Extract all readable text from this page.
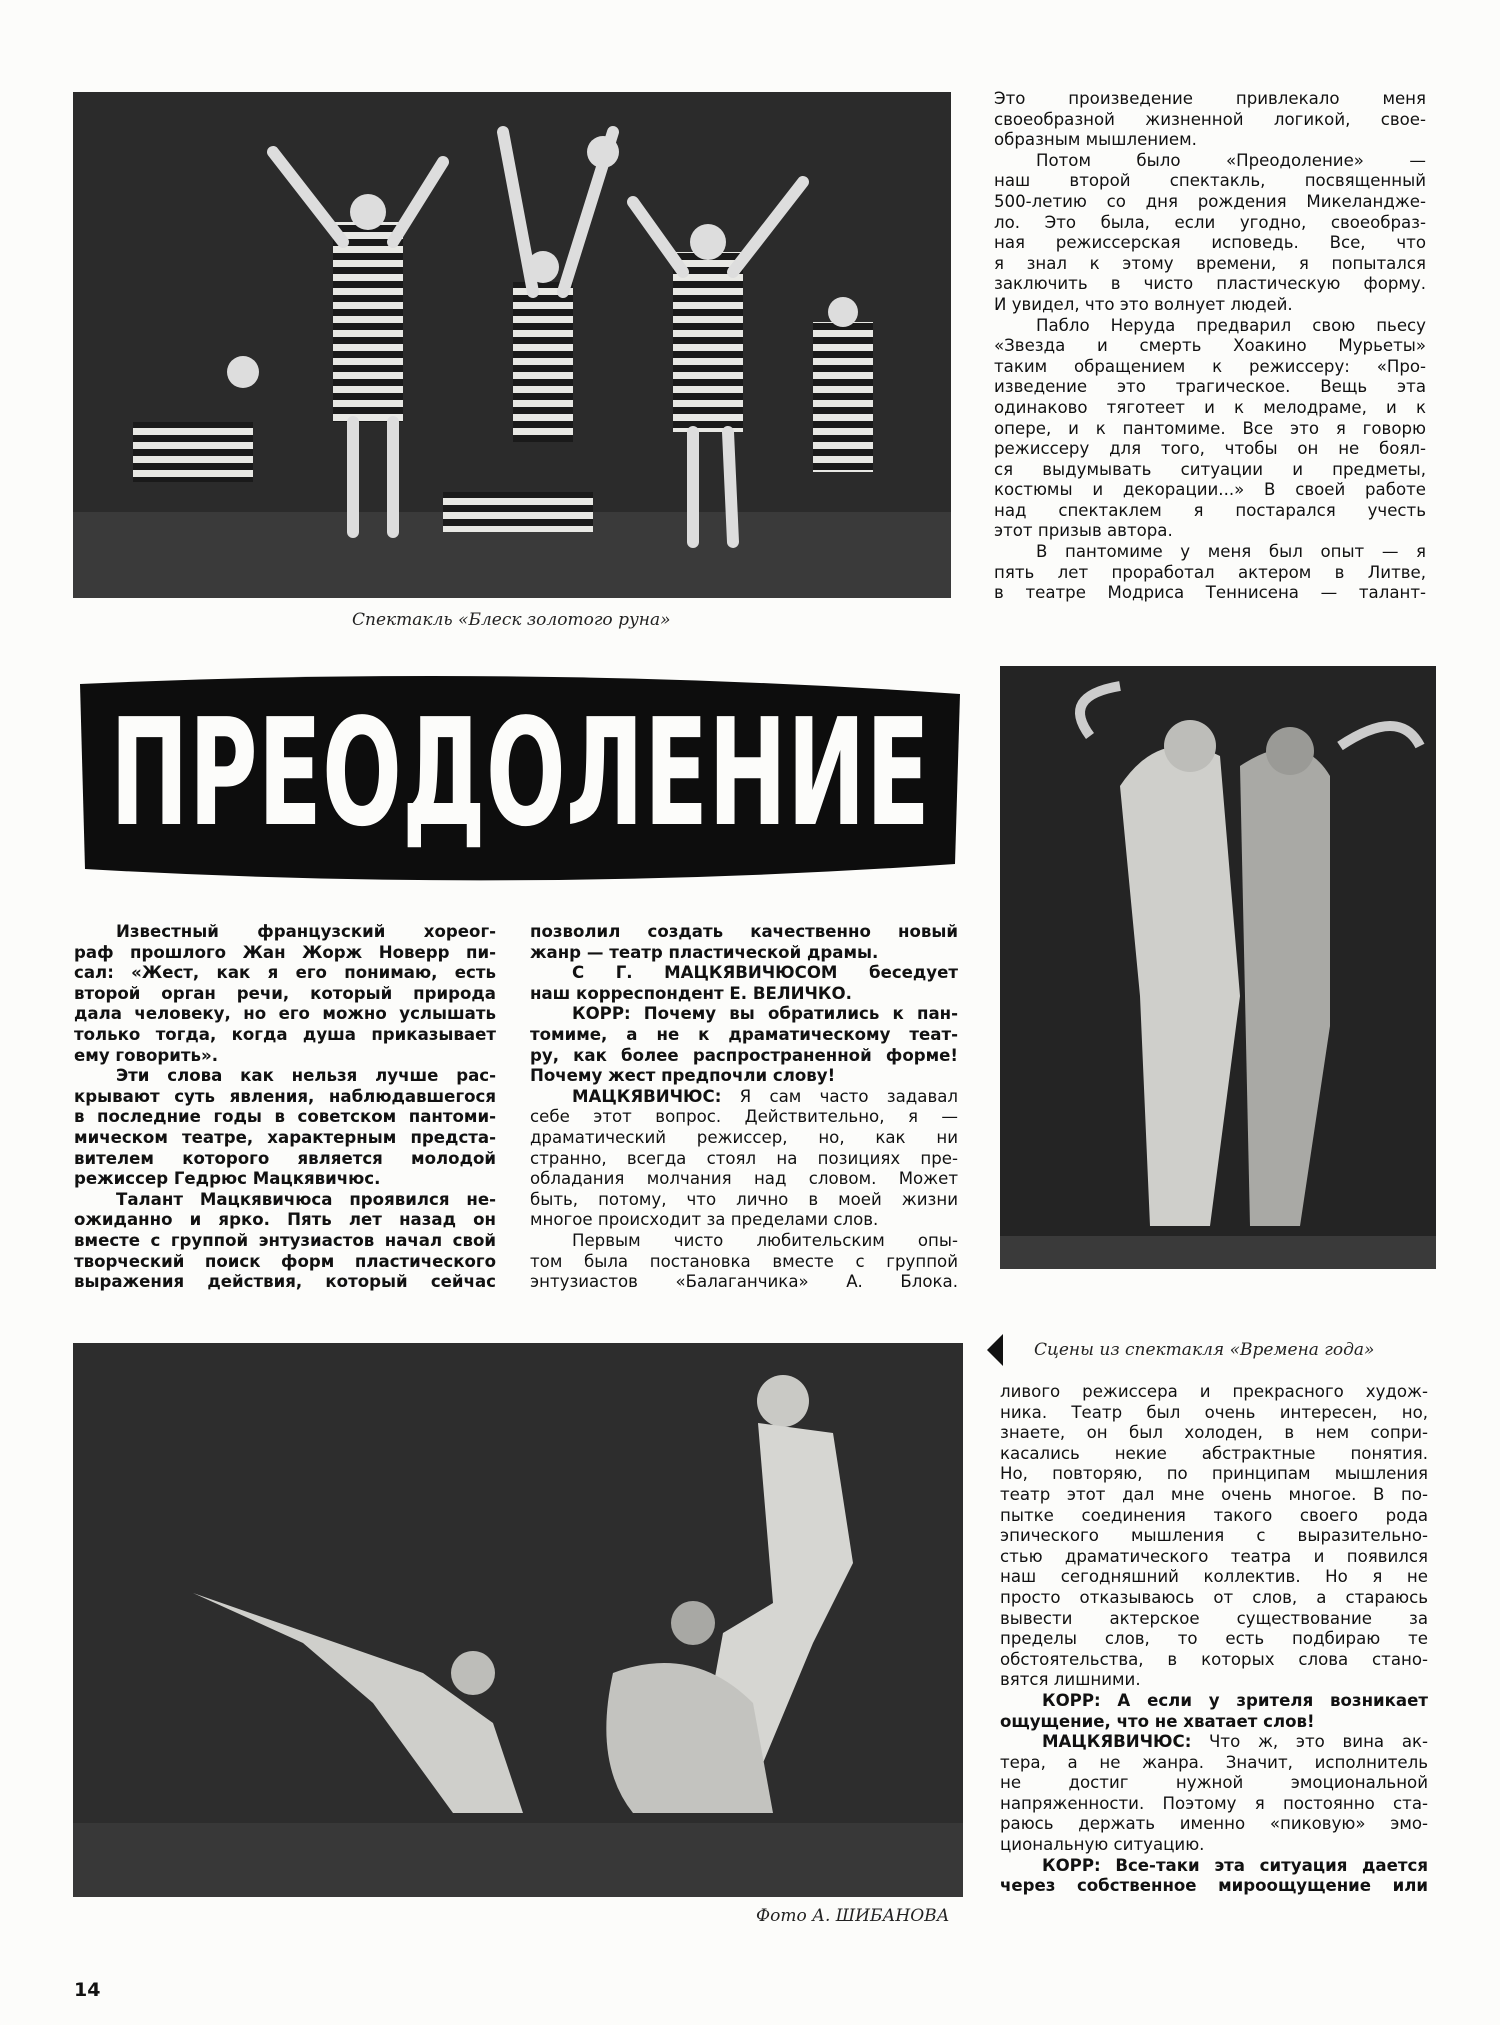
Спектакль «Блеск золотого руна»
ПРЕОДОЛЕНИЕ

Это произведение привлекало меня

своеобразной жизненной логикой, свое-

образным мышлением.

Потом было «Преодоление» —

наш второй спектакль, посвященный

500-летию со дня рождения Микеландже-

ло. Это была, если угодно, своеобраз-

ная режиссерская исповедь. Все, что

я знал к этому времени, я попытался

заключить в чисто пластическую форму.

И увидел, что это волнует людей.

Пабло Неруда предварил свою пьесу

«Звезда и смерть Хоакино Мурьеты»

таким обращением к режиссеру: «Про-

изведение это трагическое. Вещь эта

одинаково тяготеет и к мелодраме, и к

опере, и к пантомиме. Все это я говорю

режиссеру для того, чтобы он не боял-

ся выдумывать ситуации и предметы,

костюмы и декорации...» В своей работе

над спектаклем я постарался учесть

этот призыв автора.

В пантомиме у меня был опыт — я

пять лет проработал актером в Литве,

в театре Модриса Теннисена — талант-

Сцены из спектакля «Времена года»

Известный французский хореог-

раф прошлого Жан Жорж Новерр пи-

сал: «Жест, как я его понимаю, есть

второй орган речи, который природа

дала человеку, но его можно услышать

только тогда, когда душа приказывает

ему говорить».

Эти слова как нельзя лучше рас-

крывают суть явления, наблюдавшегося

в последние годы в советском пантоми-

мическом театре, характерным предста-

вителем которого является молодой

режиссер Гедрюс Мацкявичюс.

Талант Мацкявичюса проявился не-

ожиданно и ярко. Пять лет назад он

вместе с группой энтузиастов начал свой

творческий поиск форм пластического

выражения действия, который сейчас

позволил создать качественно новый

жанр — театр пластической драмы.

С Г. МАЦКЯВИЧЮСОМ беседует

наш корреспондент Е. ВЕЛИЧКО.

КОРР: Почему вы обратились к пан-

томиме, а не к драматическому теат-

ру, как более распространенной форме!

Почему жест предпочли слову!

МАЦКЯВИЧЮС: Я сам часто задавал

себе этот вопрос. Действительно, я —

драматический режиссер, но, как ни

странно, всегда стоял на позициях пре-

обладания молчания над словом. Может

быть, потому, что лично в моей жизни

многое происходит за пределами слов.

Первым чисто любительским опы-

том была постановка вместе с группой

энтузиастов «Балаганчика» А. Блока.

Фото А. ШИБАНОВА

ливого режиссера и прекрасного худож-

ника. Театр был очень интересен, но,

знаете, он был холоден, в нем сопри-

касались некие абстрактные понятия.

Но, повторяю, по принципам мышления

театр этот дал мне очень многое. В по-

пытке соединения такого своего рода

эпического мышления с выразительно-

стью драматического театра и появился

наш сегодняшний коллектив. Но я не

просто отказываюсь от слов, а стараюсь

вывести актерское существование за

пределы слов, то есть подбираю те

обстоятельства, в которых слова стано-

вятся лишними.

КОРР: А если у зрителя возникает

ощущение, что не хватает слов!

МАЦКЯВИЧЮС: Что ж, это вина ак-

тера, а не жанра. Значит, исполнитель

не достиг нужной эмоциональной

напряженности. Поэтому я постоянно ста-

раюсь держать именно «пиковую» эмо-

циональную ситуацию.

КОРР: Все-таки эта ситуация дается

через собственное мироощущение или

14
